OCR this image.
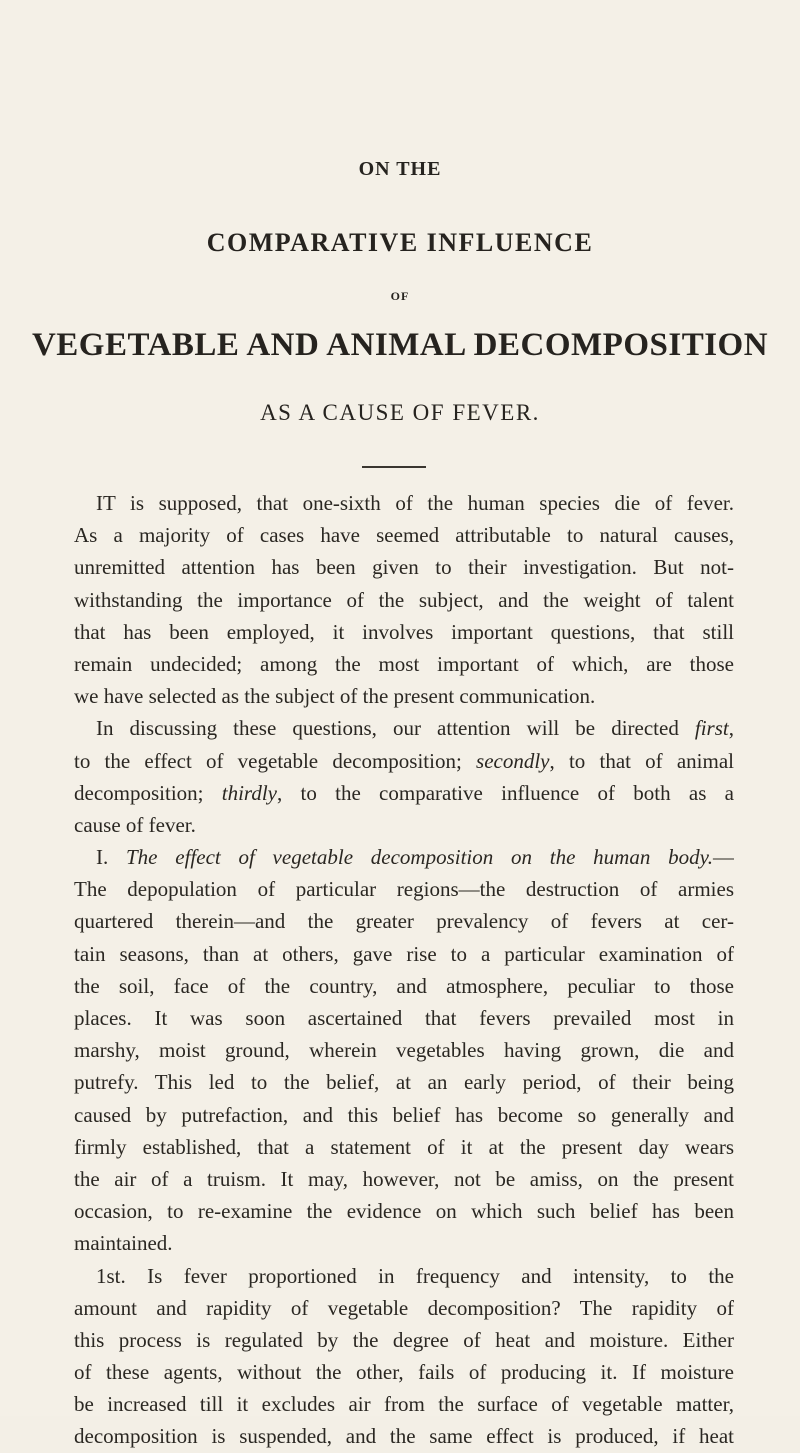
ON THE
COMPARATIVE INFLUENCE
OF
VEGETABLE AND ANIMAL DECOMPOSITION
AS A CAUSE OF FEVER.
IT is supposed, that one-sixth of the human species die of fever.
As a majority of cases have seemed attributable to natural causes,
unremitted attention has been given to their investigation. But not-
withstanding the importance of the subject, and the weight of talent
that has been employed, it involves important questions, that still
remain undecided; among the most important of which, are those
we have selected as the subject of the present communication.
In discussing these questions, our attention will be directed first,
to the effect of vegetable decomposition; secondly, to that of animal
decomposition; thirdly, to the comparative influence of both as a
cause of fever.
I. The effect of vegetable decomposition on the human body.—
The depopulation of particular regions—the destruction of armies
quartered therein—and the greater prevalency of fevers at cer-
tain seasons, than at others, gave rise to a particular examination of
the soil, face of the country, and atmosphere, peculiar to those
places. It was soon ascertained that fevers prevailed most in
marshy, moist ground, wherein vegetables having grown, die and
putrefy. This led to the belief, at an early period, of their being
caused by putrefaction, and this belief has become so generally and
firmly established, that a statement of it at the present day wears
the air of a truism. It may, however, not be amiss, on the present
occasion, to re-examine the evidence on which such belief has been
maintained.
1st. Is fever proportioned in frequency and intensity, to the
amount and rapidity of vegetable decomposition? The rapidity of
this process is regulated by the degree of heat and moisture. Either
of these agents, without the other, fails of producing it. If moisture
be increased till it excludes air from the surface of vegetable matter,
decomposition is suspended, and the same effect is produced, if heat
